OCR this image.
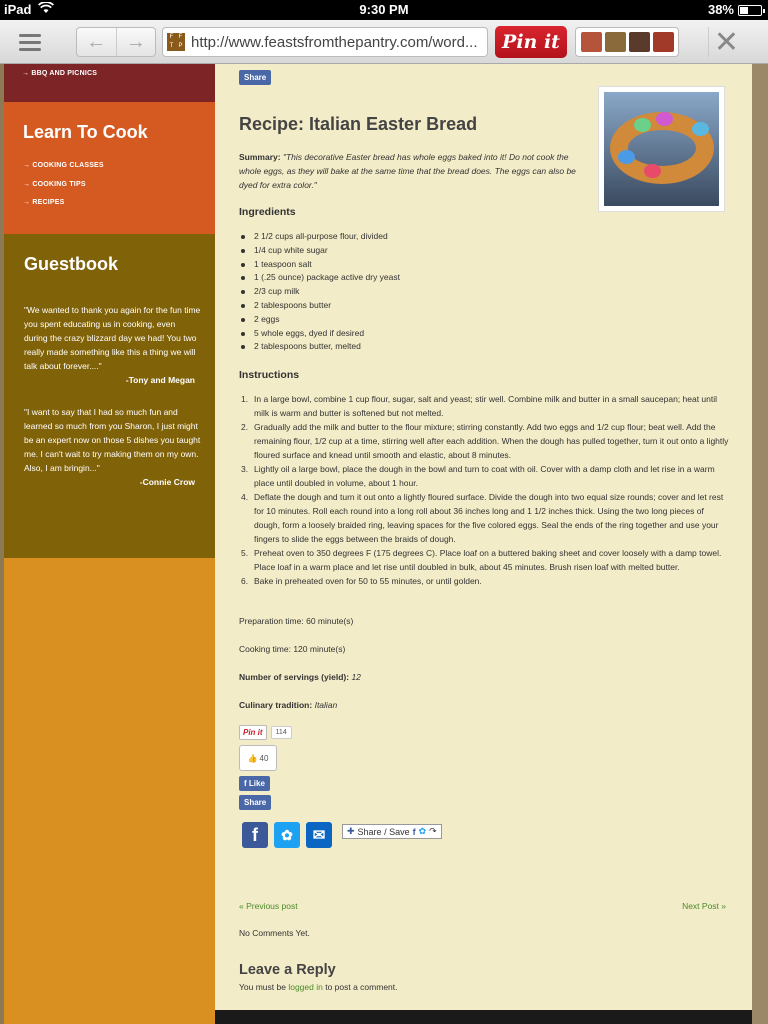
iPad	9:30 PM	38%
← →	F F
T P http://www.feastsfromthepantry.com/word...	Pin it	✕
→ BBQ AND PICNICS
Learn To Cook
→ COOKING CLASSES
→ COOKING TIPS
→ RECIPES
Guestbook
"We wanted to thank you again for the fun time you spent educating us in cooking, even during the crazy blizzard day we had! You two really made something like this a thing we will talk about forever...."
-Tony and Megan
"I want to say that I had so much fun and learned so much from you Sharon, I just might be an expert now on those 5 dishes you taught me. I can't wait to try making them on my own. Also, I am bringin..."
-Connie Crow
Share
Recipe: Italian Easter Bread

Summary: "This decorative Easter bread has whole eggs baked into it! Do not cook the whole eggs, as they will bake at the same time that the bread does. The eggs can also be dyed for extra color."

Ingredients
2 1/2 cups all-purpose flour, divided
1/4 cup white sugar
1 teaspoon salt
1 (.25 ounce) package active dry yeast
2/3 cup milk
2 tablespoons butter
2 eggs
5 whole eggs, dyed if desired
2 tablespoons butter, melted
Instructions
1. In a large bowl, combine 1 cup flour, sugar, salt and yeast; stir well. Combine milk and butter in a small saucepan; heat until milk is warm and butter is softened but not melted.
2. Gradually add the milk and butter to the flour mixture; stirring constantly. Add two eggs and 1/2 cup flour; beat well. Add the remaining flour, 1/2 cup at a time, stirring well after each addition. When the dough has pulled together, turn it out onto a lightly floured surface and knead until smooth and elastic, about 8 minutes.
3. Lightly oil a large bowl, place the dough in the bowl and turn to coat with oil. Cover with a damp cloth and let rise in a warm place until doubled in volume, about 1 hour.
4. Deflate the dough and turn it out onto a lightly floured surface. Divide the dough into two equal size rounds; cover and let rest for 10 minutes. Roll each round into a long roll about 36 inches long and 1 1/2 inches thick. Using the two long pieces of dough, form a loosely braided ring, leaving spaces for the five colored eggs. Seal the ends of the ring together and use your fingers to slide the eggs between the braids of dough.
5. Preheat oven to 350 degrees F (175 degrees C). Place loaf on a buttered baking sheet and cover loosely with a damp towel. Place loaf in a warm place and let rise until doubled in bulk, about 45 minutes. Brush risen loaf with melted butter.
6. Bake in preheated oven for 50 to 55 minutes, or until golden.
Preparation time: 60 minute(s)
Cooking time: 120 minute(s)
Number of servings (yield): 12
Culinary tradition: Italian
Pin it	114
👍 40
f Like
Share
f	✿	✉	✚ Share / Save f ✿ ↷
« Previous post	Next Post »
No Comments Yet.
Leave a Reply
You must be logged in to post a comment.
